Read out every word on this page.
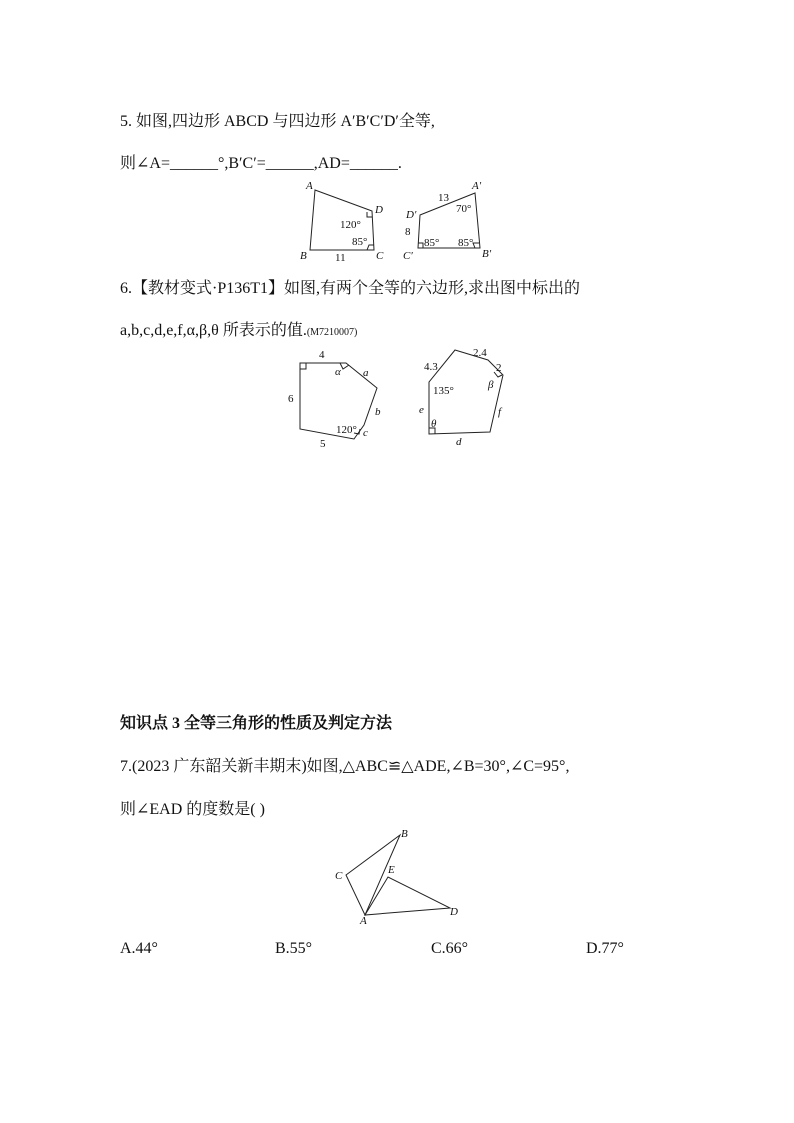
5. 如图,四边形 ABCD 与四边形 A′B′C′D′全等,
则∠A=______°,B′C′=______,AD=______.
A
D
C
B
120°
85°
11
A′
D′
C′	B′
13
70°
8
85° 85°
6.【教材变式·P136T1】如图,有两个全等的六边形,求出图中标出的
a,b,c,d,e,f,α,β,θ 所表示的值.(M7210007)
4
6
5
α a
b
c
120°
4.3
2.4
2
135°	β
e
θ
f
d
知识点 3 全等三角形的性质及判定方法
7.(2023 广东韶关新丰期末)如图,△ABC≌△ADE,∠B=30°,∠C=95°,
则∠EAD 的度数是( )
C
B
E
D
A
A.44°	B.55°	C.66°	D.77°
